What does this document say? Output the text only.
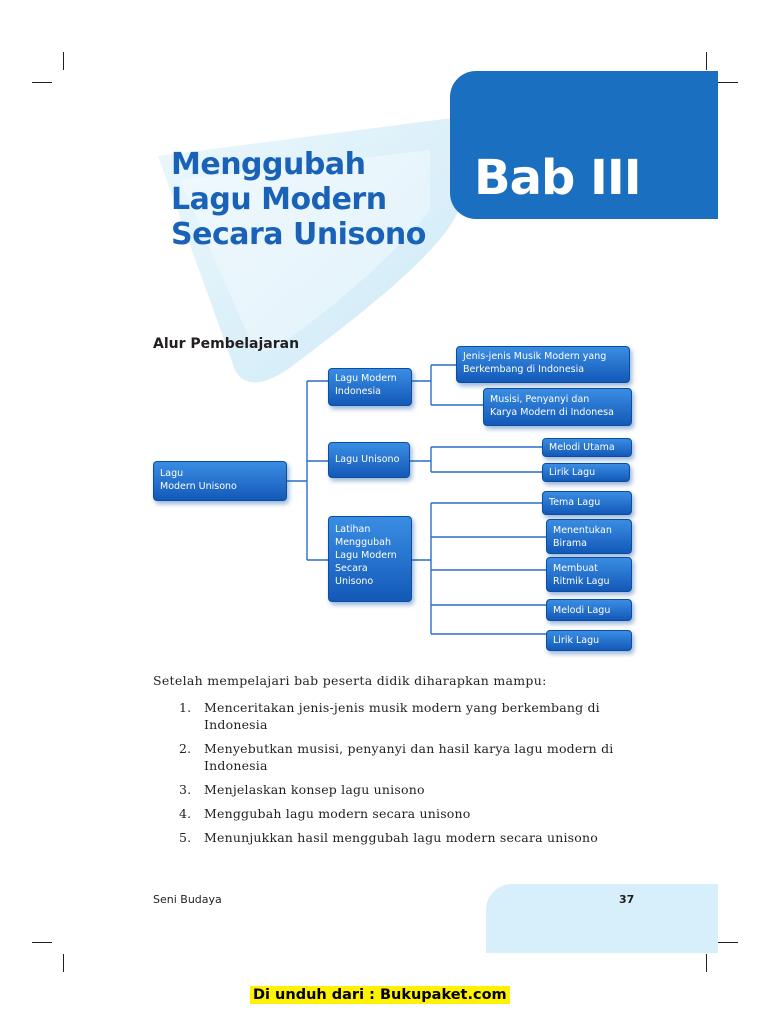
Bab III
Menggubah
Lagu Modern
Secara Unisono
Alur Pembelajaran
Lagu
Modern Unisono
Lagu Modern
Indonesia
Lagu Unisono
Latihan
Menggubah
Lagu Modern
Secara
Unisono
Jenis-jenis Musik Modern yang
Berkembang di Indonesia
Musisi, Penyanyi dan
Karya Modern di Indonesa
Melodi Utama
Lirik Lagu
Tema Lagu
Menentukan
Birama
Membuat
Ritmik Lagu
Melodi Lagu
Lirik Lagu
Setelah mempelajari bab peserta didik diharapkan mampu:
1. Menceritakan jenis-jenis musik modern yang berkembang di Indonesia
2. Menyebutkan musisi, penyanyi dan hasil karya lagu modern di Indonesia
3. Menjelaskan konsep lagu unisono
4. Menggubah lagu modern secara unisono
5. Menunjukkan hasil menggubah lagu modern secara unisono
Seni Budaya	37
Di unduh dari : Bukupaket.com
